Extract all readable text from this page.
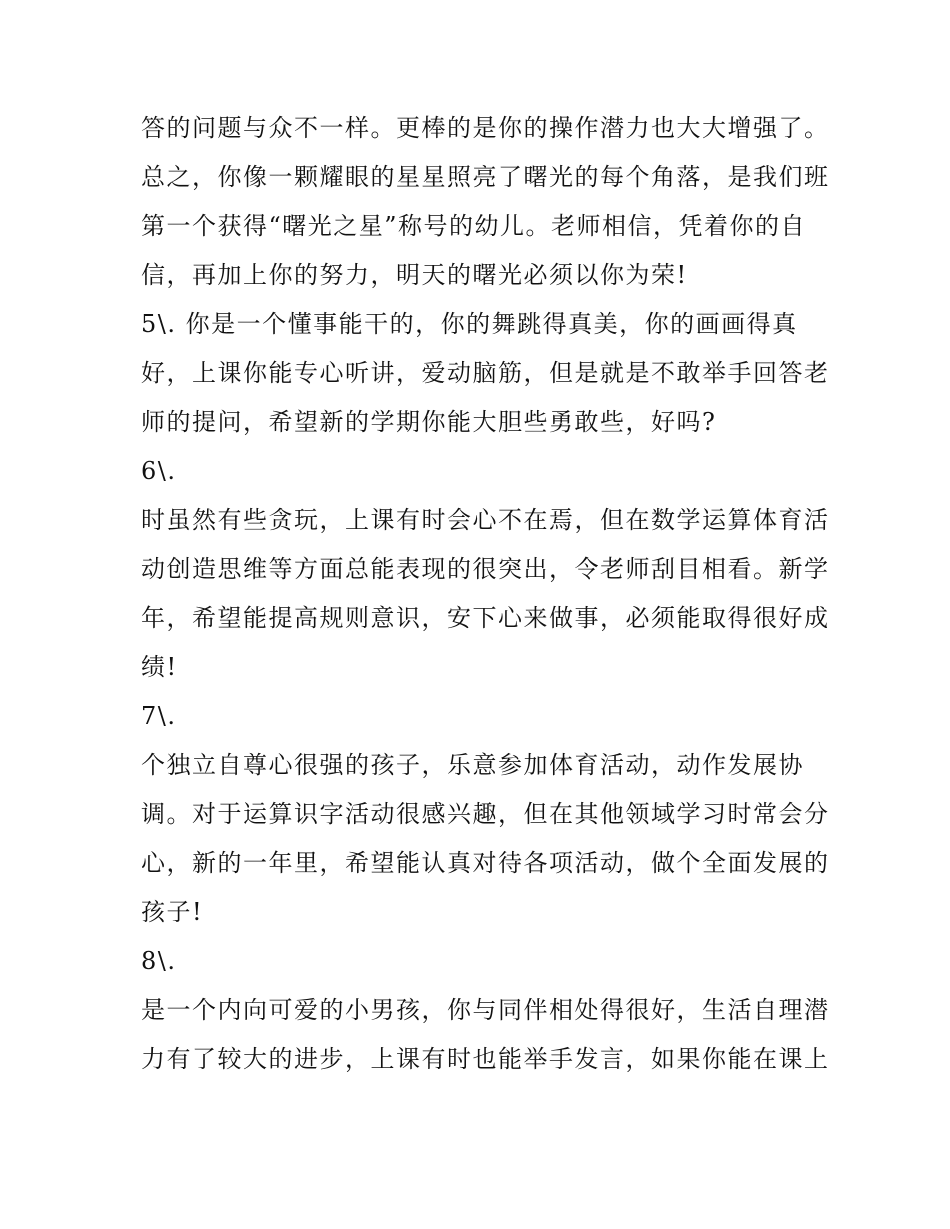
答的问题与众不一样。更棒的是你的操作潜力也大大增强了。
总之，你像一颗耀眼的星星照亮了曙光的每个角落，是我们班
第一个获得“曙光之星”称号的幼儿。老师相信，凭着你的自
信，再加上你的努力，明天的曙光必须以你为荣!
5\. 你是一个懂事能干的，你的舞跳得真美，你的画画得真
好，上课你能专心听讲，爱动脑筋，但是就是不敢举手回答老
师的提问，希望新的学期你能大胆些勇敢些，好吗?
6\.
时虽然有些贪玩，上课有时会心不在焉，但在数学运算体育活
动创造思维等方面总能表现的很突出，令老师刮目相看。新学
年，希望能提高规则意识，安下心来做事，必须能取得很好成
绩!
7\.
个独立自尊心很强的孩子，乐意参加体育活动，动作发展协
调。对于运算识字活动很感兴趣，但在其他领域学习时常会分
心，新的一年里，希望能认真对待各项活动，做个全面发展的
孩子!
8\.
是一个内向可爱的小男孩，你与同伴相处得很好，生活自理潜
力有了较大的进步，上课有时也能举手发言，如果你能在课上
